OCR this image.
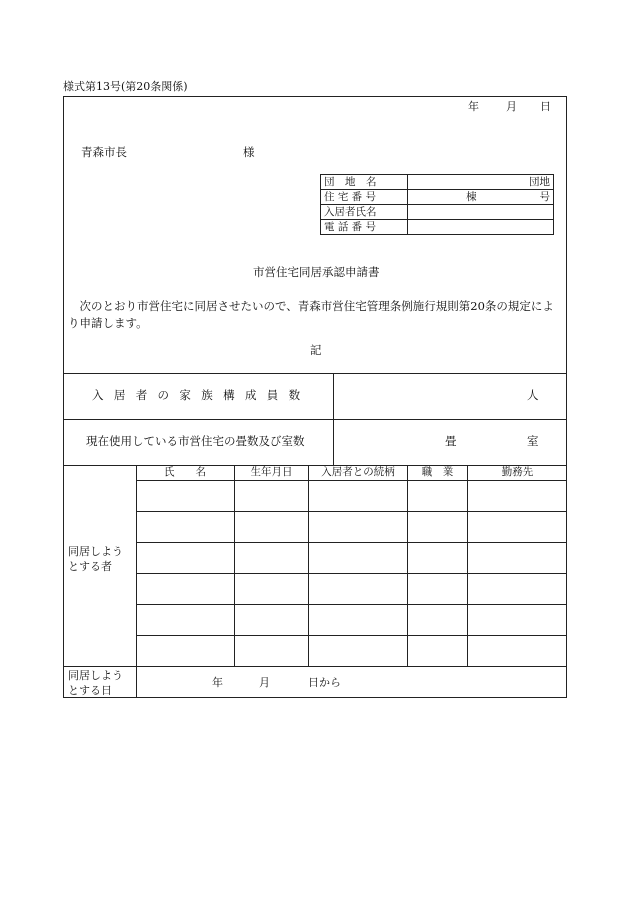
様式第13号(第20条関係)
年 月 日
青森市長	様
団　地　名	団地
住 宅 番 号	棟 号

入居者氏名	
電 話 番 号	
市営住宅同居承認申請書
次のとおり市営住宅に同居させたいので、青森市営住宅管理条例施行規則第20条の規定により申請します。
記
入居者の家族構成員数	人
現在使用している市営住宅の畳数及び室数	畳	室
同居しよう
とする者
氏　　名	生年月日	入居者との続柄	職　業	勤務先

同居しよう
とする日
年	月	日から
